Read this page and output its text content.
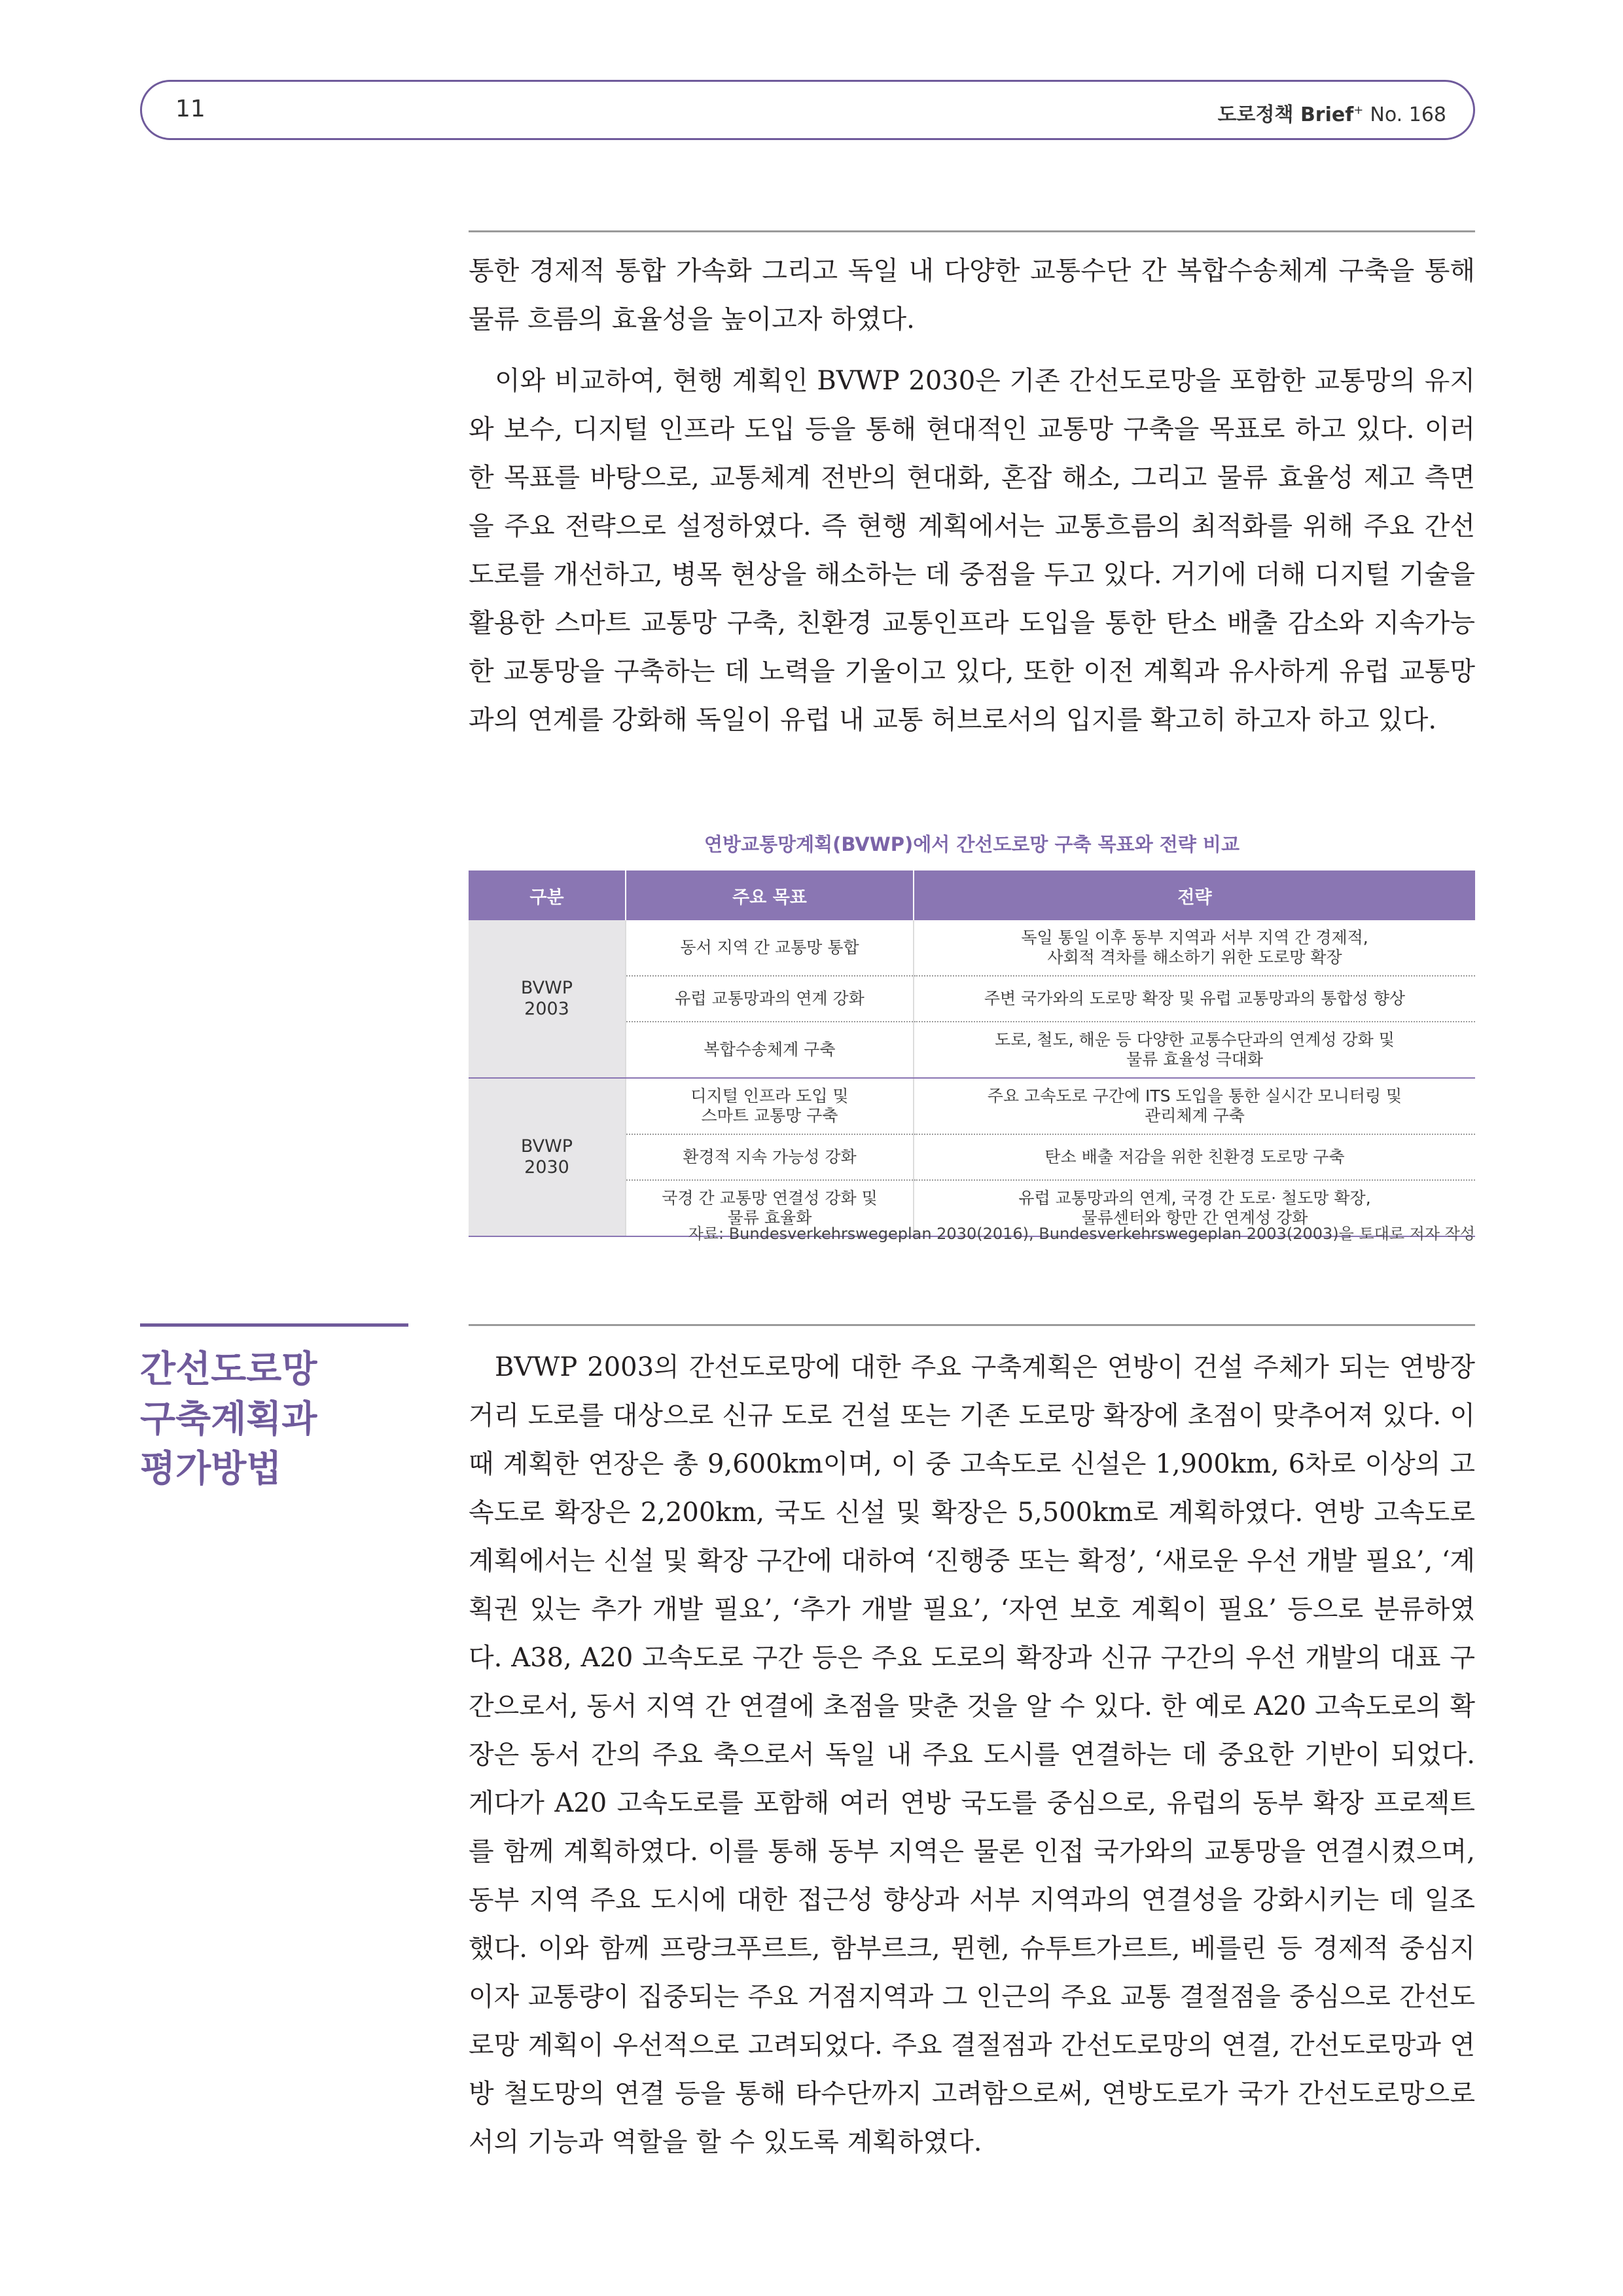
11	도로정책 Brief+ No. 168

통한 경제적 통합 가속화 그리고 독일 내 다양한 교통수단 간 복합수송체계 구축을 통해 물류 흐름의 효율성을 높이고자 하였다.

이와 비교하여, 현행 계획인 BVWP 2030은 기존 간선도로망을 포함한 교통망의 유지와 보수, 디지털 인프라 도입 등을 통해 현대적인 교통망 구축을 목표로 하고 있다. 이러한 목표를 바탕으로, 교통체계 전반의 현대화, 혼잡 해소, 그리고 물류 효율성 제고 측면을 주요 전략으로 설정하였다. 즉 현행 계획에서는 교통흐름의 최적화를 위해 주요 간선도로를 개선하고, 병목 현상을 해소하는 데 중점을 두고 있다. 거기에 더해 디지털 기술을 활용한 스마트 교통망 구축, 친환경 교통인프라 도입을 통한 탄소 배출 감소와 지속가능한 교통망을 구축하는 데 노력을 기울이고 있다, 또한 이전 계획과 유사하게 유럽 교통망과의 연계를 강화해 독일이 유럽 내 교통 허브로서의 입지를 확고히 하고자 하고 있다.

연방교통망계획(BVWP)에서 간선도로망 구축 목표와 전략 비교
구분	주요 목표	전략
BVWP
2003	동서 지역 간 교통망 통합	독일 통일 이후 동부 지역과 서부 지역 간 경제적,
사회적 격차를 해소하기 위한 도로망 확장
	유럽 교통망과의 연계 강화	주변 국가와의 도로망 확장 및 유럽 교통망과의 통합성 향상
	복합수송체계 구축	도로, 철도, 해운 등 다양한 교통수단과의 연계성 강화 및
물류 효율성 극대화
BVWP
2030	디지털 인프라 도입 및
스마트 교통망 구축	주요 고속도로 구간에 ITS 도입을 통한 실시간 모니터링 및
관리체계 구축
	환경적 지속 가능성 강화	탄소 배출 저감을 위한 친환경 도로망 구축
	국경 간 교통망 연결성 강화 및
물류 효율화	유럽 교통망과의 연계, 국경 간 도로· 철도망 확장,
물류센터와 항만 간 연계성 강화
자료: Bundesverkehrswegeplan 2030(2016), Bundesverkehrswegeplan 2003(2003)을 토대로 저자 작성
간선도로망
구축계획과
평가방법

BVWP 2003의 간선도로망에 대한 주요 구축계획은 연방이 건설 주체가 되는 연방장거리 도로를 대상으로 신규 도로 건설 또는 기존 도로망 확장에 초점이 맞추어져 있다. 이때 계획한 연장은 총 9,600km이며, 이 중 고속도로 신설은 1,900km, 6차로 이상의 고속도로 확장은 2,200km, 국도 신설 및 확장은 5,500km로 계획하였다. 연방 고속도로 계획에서는 신설 및 확장 구간에 대하여 ‘진행중 또는 확정’, ‘새로운 우선 개발 필요’, ‘계획권 있는 추가 개발 필요’, ‘추가 개발 필요’, ‘자연 보호 계획이 필요’ 등으로 분류하였다. A38, A20 고속도로 구간 등은 주요 도로의 확장과 신규 구간의 우선 개발의 대표 구간으로서, 동서 지역 간 연결에 초점을 맞춘 것을 알 수 있다. 한 예로 A20 고속도로의 확장은 동서 간의 주요 축으로서 독일 내 주요 도시를 연결하는 데 중요한 기반이 되었다. 게다가 A20 고속도로를 포함해 여러 연방 국도를 중심으로, 유럽의 동부 확장 프로젝트를 함께 계획하였다. 이를 통해 동부 지역은 물론 인접 국가와의 교통망을 연결시켰으며, 동부 지역 주요 도시에 대한 접근성 향상과 서부 지역과의 연결성을 강화시키는 데 일조했다. 이와 함께 프랑크푸르트, 함부르크, 뮌헨, 슈투트가르트, 베를린 등 경제적 중심지이자 교통량이 집중되는 주요 거점지역과 그 인근의 주요 교통 결절점을 중심으로 간선도로망 계획이 우선적으로 고려되었다. 주요 결절점과 간선도로망의 연결, 간선도로망과 연방 철도망의 연결 등을 통해 타수단까지 고려함으로써, 연방도로가 국가 간선도로망으로서의 기능과 역할을 할 수 있도록 계획하였다.
